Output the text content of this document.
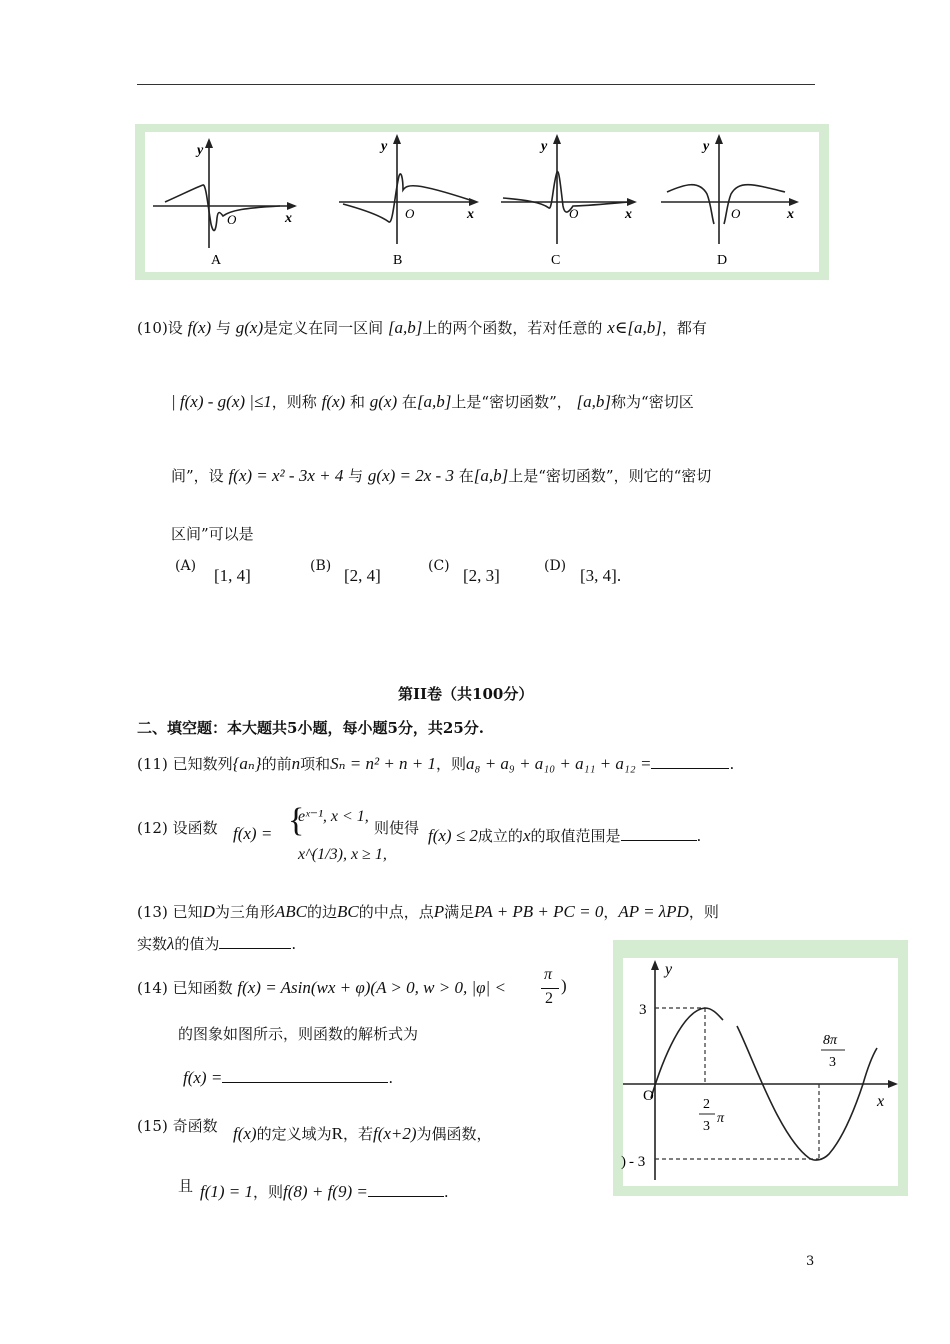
y
x
O
A
y
x
O
B
y
x
O
C
y
x
O
D
(10)设 f(x) 与 g(x)是定义在同一区间 [a,b]上的两个函数，若对任意的 x∈[a,b]，都有
| f(x) - g(x) |≤1，则称 f(x) 和 g(x) 在[a,b]上是“密切函数”， [a,b]称为“密切区
间”，设 f(x) = x² - 3x + 4 与 g(x) = 2x - 3 在[a,b]上是“密切函数”，则它的“密切
区间”可以是
(A) [1, 4]	(B) [2, 4]	(C) [2, 3]	(D) [3, 4].
第II卷（共100分）
二、填空题：本大题共5小题，每小题5分，共25分.
(11) 已知数列{aₙ}的前n项和Sₙ = n² + n + 1，则a₈ + a₉ + a₁₀ + a₁₁ + a₁₂ =	.
(12) 设函数 f(x) = {
eˣ⁻¹, x < 1,
x^(1/3), x ≥ 1,
则使得 f(x) ≤ 2成立的x的取值范围是	.
(13) 已知D为三角形ABC的边BC的中点，点P满足PA + PB + PC = 0，AP = λPD，则
实数λ的值为	.
(14) 已知函数 f(x) = Asin(wx + φ)(A > 0, w > 0, |φ| <
π
2
)
的图象如图所示，则函数的解析式为
f(x) =	.
(15) 奇函数 f(x)的定义域为R，若f(x+2)为偶函数，
且 f(1) = 1，则f(8) + f(9) =	.
y
x
O
3
- 3
)
2
3
π
8π
3
3
